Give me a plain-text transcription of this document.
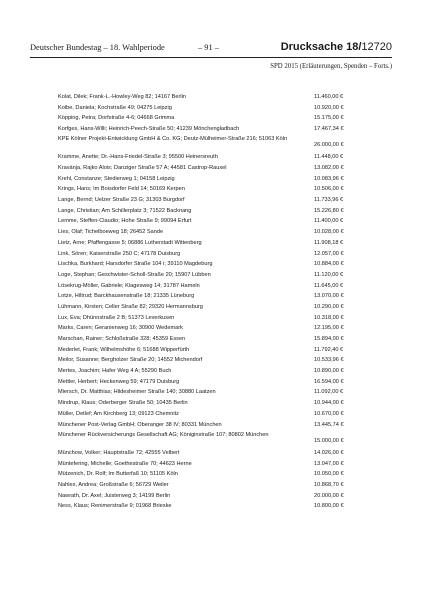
Deutscher Bundestag – 18. Wahlperiode	– 91 –	Drucksache 18/12720
SPD 2015 (Erläuterungen, Spenden – Forts.)
Kolat, Dilek; Frank-L.-Howley-Weg 82; 14167 Berlin	11.460,00 €
Kolbe, Daniela; Kochstraße 49; 04275 Leipzig	10.920,00 €
Köpping, Petra; Dorfstraße 4-6; 04668 Grimma	15.175,00 €
Korfges, Hans-Willi; Heinrich-Peech-Straße 50; 41239 Mönchengladbach	17.467,34 €
KPE Kölner Projekt-Entwicklung GmbH & Co. KG; Deutz-Mülheimer-Straße 216; 51063 Köln
26.000,00 €
Kramme, Anette; Dr.-Hans-Friedel-Straße 3; 95500 Heinersreuth	11.448,00 €
Kravánja, Rajko Alois; Danziger Straße 57 A; 44581 Castrop-Rauxel	13.082,00 €
Krehl, Constanze; Stedierweg 1; 04158 Leipzig	10.083,96 €
Krings, Hans; Im Boisdorfer Feld 14; 50169 Kerpen	10.506,00 €
Lange, Bernd; Uelzer Straße 23 G; 31303 Burgdorf	11.733,96 €
Lange, Christian; Am Schillerplatz 3; 71522 Backnang	15.226,80 €
Lemme, Steffen-Claudio; Hohe Straße 9; 99094 Erfurt	11.400,00 €
Lies, Olaf; Tichelboeweg 18; 26452 Sande	10.028,00 €
Lietz, Arne; Pfaffengasse 5; 06886 Lutherstadt Wittenberg	11.908,18 €
Link, Sören; Kaiserstraße 250 C; 47178 Duisburg	12.057,00 €
Lischka, Burkhard; Harsdorfer Straße 104 i; 39110 Magdeburg	10.884,00 €
Loge, Stephan; Geschwister-Scholl-Straße 20; 15907 Lübben	11.120,00 €
Lösekrug-Möller, Gabriele; Klagesweg 14; 31787 Hameln	11.645,00 €
Lotze, Hiltrud; Barckhausenstraße 18; 21335 Lüneburg	13.070,00 €
Lühmann, Kirsten; Celler Straße 82; 29320 Hermannsburg	10.290,00 €
Lux, Eva; Dhünnstraße 2 B; 51373 Leverkusen	10.318,00 €
Marks, Caren; Geranienweg 16; 30900 Wedemark	12.195,00 €
Marschan, Rainer; Schloßstraße 328; 45359 Essen	15.894,00 €
Mederlet, Frank; Wilhelmshöhe 6; 51688 Wipperfürth	11.792,40 €
Meilor, Susanne; Bergholzer Straße 20; 14552 Michendorf	10.533,96 €
Mertes, Joachim; Hafer Weg 4 A; 55290 Buch	10.890,00 €
Mettler, Herbert; Heckenweg 59; 47179 Duisburg	16.594,00 €
Miersch, Dr. Matthias; Hildesheimer Straße 140; 30880 Laatzen	11.092,00 €
Mindrup, Klaus; Oderberger Straße 50; 10435 Berlin	10.944,00 €
Müller, Detlef; Am Kirchberg 13; 09123 Chemnitz	10.670,00 €
Münchener Post-Verlag GmbH; Oberanger 38 IV; 80331 München	13.445,74 €
Münchener Rückversicherungs Gesellschaft AG; Königinstraße 107; 80802 München
15.000,00 €
Münchow, Volker; Hauptstraße 72; 42555 Velbert	14.026,00 €
Müntefering, Michelle; Goethestraße 70; 44623 Herne	13.047,00 €
Mützenich, Dr. Rolf; Im Butterfaß 10; 51105 Köln	10.050,00 €
Nahles, Andrea; Großstraße 6; 56729 Weiler	10.868,70 €
Nawrath, Dr. Axel; Juisterweg 3; 14199 Berlin	20.000,00 €
Ness, Klaus; Renimerstraße 9; 01968 Brieske	10.800,00 €
